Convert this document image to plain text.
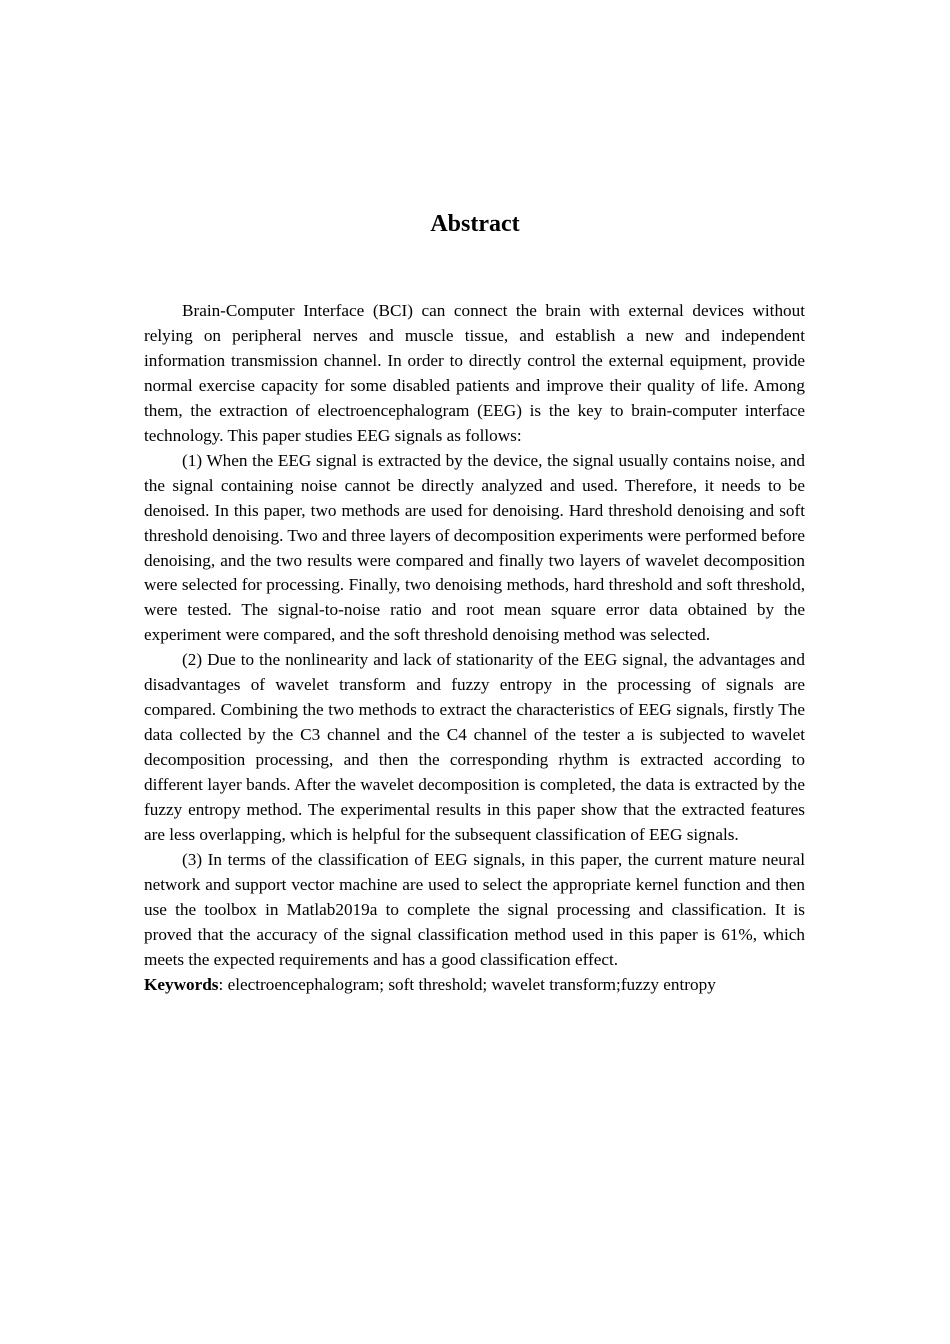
Abstract

Brain-Computer Interface (BCI) can connect the brain with external devices without relying on peripheral nerves and muscle tissue, and establish a new and independent information transmission channel. In order to directly control the external equipment, provide normal exercise capacity for some disabled patients and improve their quality of life. Among them, the extraction of electroencephalogram (EEG) is the key to brain-computer interface technology. This paper studies EEG signals as follows:

(1) When the EEG signal is extracted by the device, the signal usually contains noise, and the signal containing noise cannot be directly analyzed and used. Therefore, it needs to be denoised. In this paper, two methods are used for denoising. Hard threshold denoising and soft threshold denoising. Two and three layers of decomposition experiments were performed before denoising, and the two results were compared and finally two layers of wavelet decomposition were selected for processing. Finally, two denoising methods, hard threshold and soft threshold, were tested. The signal-to-noise ratio and root mean square error data obtained by the experiment were compared, and the soft threshold denoising method was selected.

(2) Due to the nonlinearity and lack of stationarity of the EEG signal, the advantages and disadvantages of wavelet transform and fuzzy entropy in the processing of signals are compared. Combining the two methods to extract the characteristics of EEG signals, firstly The data collected by the C3 channel and the C4 channel of the tester a is subjected to wavelet decomposition processing, and then the corresponding rhythm is extracted according to different layer bands. After the wavelet decomposition is completed, the data is extracted by the fuzzy entropy method. The experimental results in this paper show that the extracted features are less overlapping, which is helpful for the subsequent classification of EEG signals.

(3) In terms of the classification of EEG signals, in this paper, the current mature neural network and support vector machine are used to select the appropriate kernel function and then use the toolbox in Matlab2019a to complete the signal processing and classification. It is proved that the accuracy of the signal classification method used in this paper is 61%, which meets the expected requirements and has a good classification effect.

Keywords: electroencephalogram; soft threshold; wavelet transform;fuzzy entropy
